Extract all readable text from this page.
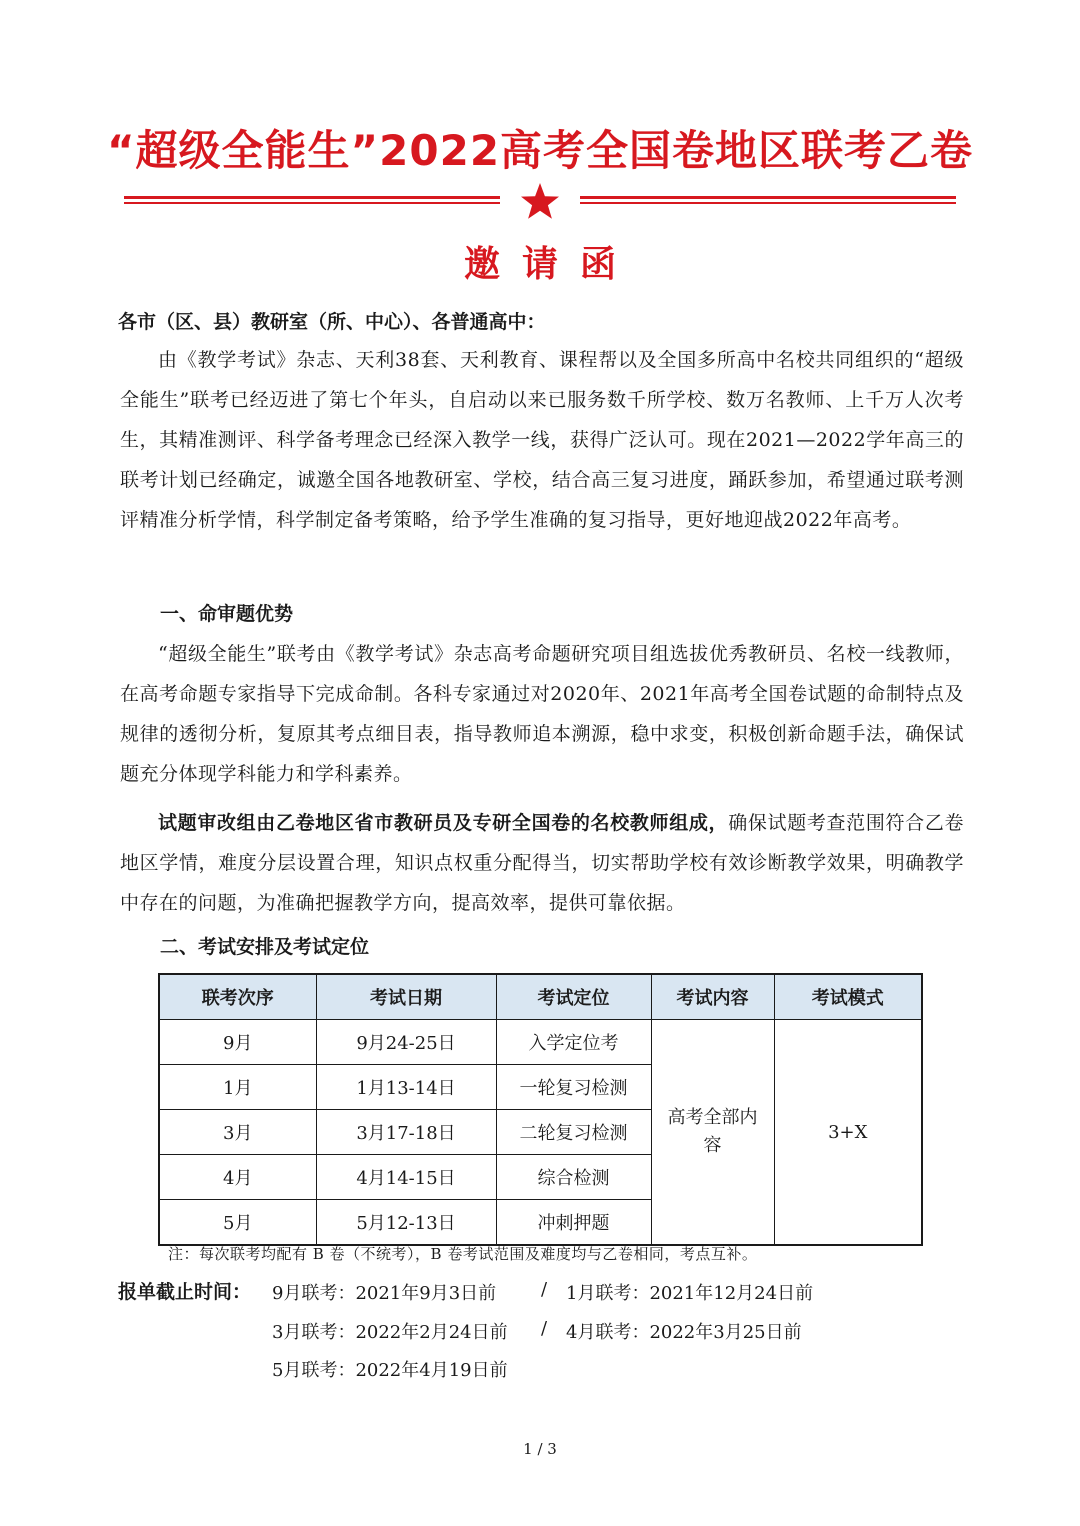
“超级全能生”2022高考全国卷地区联考乙卷
邀请函
各市（区、县）教研室（所、中心）、各普通高中：

由《教学考试》杂志、天利38套、天利教育、课程帮以及全国多所高中名校共同组织的“超级全能生”联考已经迈进了第七个年头，自启动以来已服务数千所学校、数万名教师、上千万人次考生，其精准测评、科学备考理念已经深入教学一线，获得广泛认可。现在2021—2022学年高三的联考计划已经确定，诚邀全国各地教研室、学校，结合高三复习进度，踊跃参加，希望通过联考测评精准分析学情，科学制定备考策略，给予学生准确的复习指导，更好地迎战2022年高考。

一、命审题优势

“超级全能生”联考由《教学考试》杂志高考命题研究项目组选拔优秀教研员、名校一线教师，在高考命题专家指导下完成命制。各科专家通过对2020年、2021年高考全国卷试题的命制特点及规律的透彻分析，复原其考点细目表，指导教师追本溯源，稳中求变，积极创新命题手法，确保试题充分体现学科能力和学科素养。

试题审改组由乙卷地区省市教研员及专研全国卷的名校教师组成，确保试题考查范围符合乙卷地区学情，难度分层设置合理，知识点权重分配得当，切实帮助学校有效诊断教学效果，明确教学中存在的问题，为准确把握教学方向，提高效率，提供可靠依据。

二、考试安排及考试定位
联考次序	考试日期	考试定位	考试内容	考试模式
9月	9月24-25日	入学定位考	高考全部内容	3+X
1月	1月13-14日	一轮复习检测		
3月	3月17-18日	二轮复习检测		
4月	4月14-15日	综合检测		
5月	5月12-13日	冲刺押题		
注：每次联考均配有 B 卷（不统考），B 卷考试范围及难度均与乙卷相同，考点互补。
报单截止时间： 9月联考：2021年9月3日前 / 1月联考：2021年12月24日前
3月联考：2022年2月24日前 / 4月联考：2022年3月25日前
5月联考：2022年4月19日前
1 / 3
